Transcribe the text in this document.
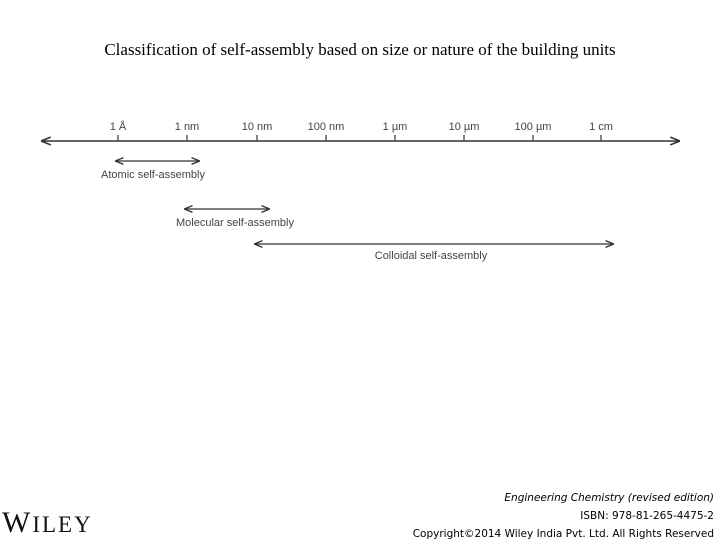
Classification of self-assembly based on size or nature of the building units
1 Å	1 nm	10 nm	100 nm	1 µm	10 µm	100 µm	1 cm
Atomic self-assembly
Molecular self-assembly
Colloidal self-assembly
WILEY
Engineering Chemistry (revised edition)
ISBN: 978-81-265-4475-2
Copyright©2014 Wiley India Pvt. Ltd. All Rights Reserved
